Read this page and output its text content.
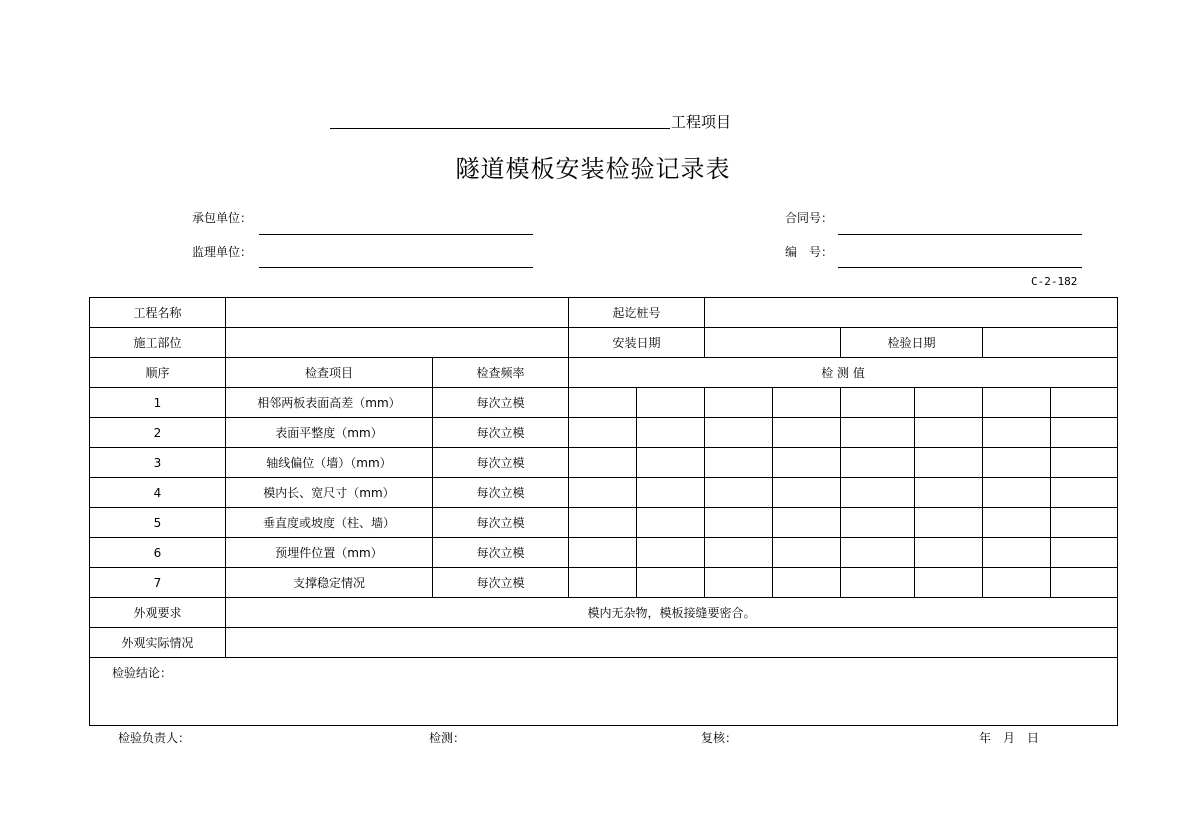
工程项目
隧道模板安装检验记录表
承包单位：
监理单位：
合同号：
编　号：
C-2-182
工程名称			起讫桩号							
施工部位			安装日期				检验日期			
顺序	检查项目	检查频率	检 测 值							
1	相邻两板表面高差（mm）	每次立模								
2	表面平整度（mm）	每次立模								
3	轴线偏位（墙）（mm）	每次立模								
4	模内长、宽尺寸（mm）	每次立模								
5	垂直度或坡度（柱、墙）	每次立模								
6	预埋件位置（mm）	每次立模								
7	支撑稳定情况	每次立模								
外观要求	模内无杂物，模板接缝要密合。									
外观实际情况										
检验结论：										
检验负责人：	检测：	复核：	年　月　日
